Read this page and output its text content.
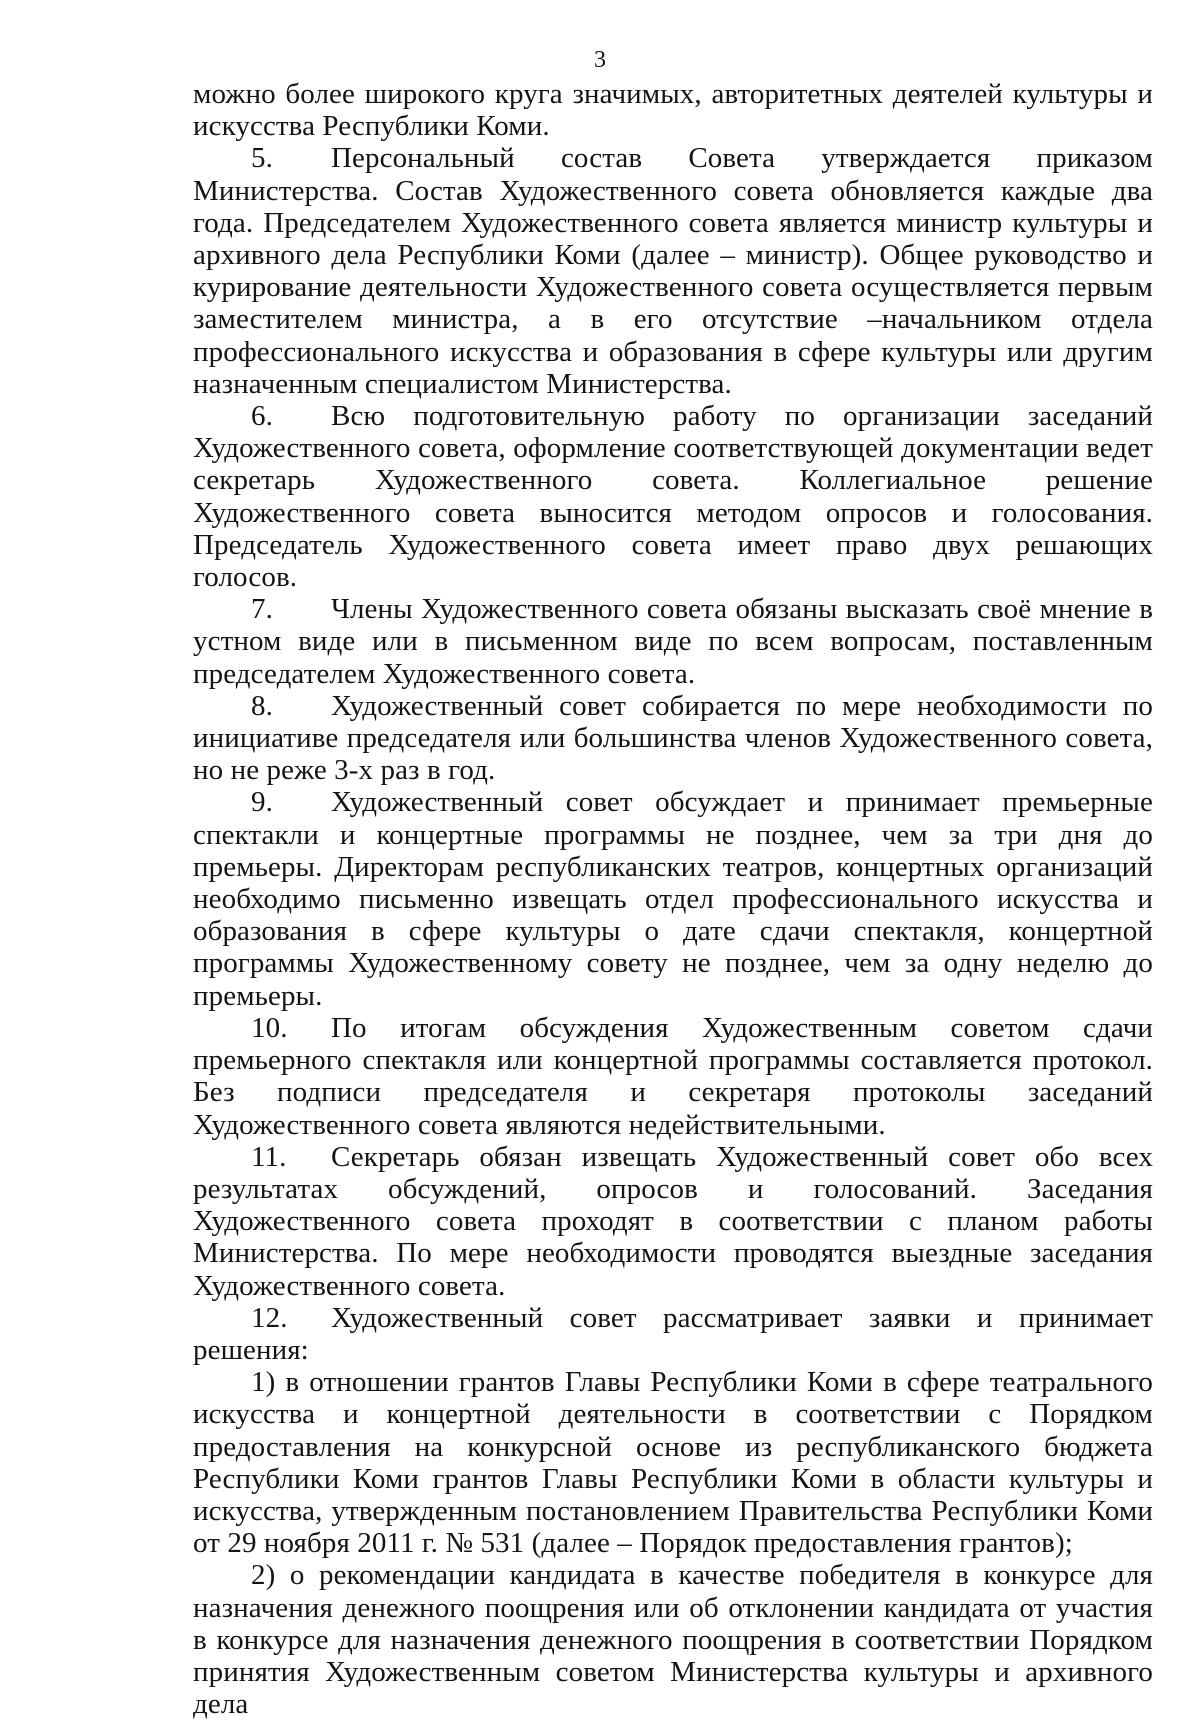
3

можно более широкого круга значимых, авторитетных деятелей культуры и искусства Республики Коми.

5. Персональный состав Совета утверждается приказом Министерства. Состав Художественного совета обновляется каждые два года. Председателем Художественного совета является министр культуры и архивного дела Республики Коми (далее – министр). Общее руководство и курирование деятельности Художественного совета осуществляется первым заместителем министра, а в его отсутствие –начальником отдела профессионального искусства и образования в сфере культуры или другим назначенным специалистом Министерства.

6. Всю подготовительную работу по организации заседаний Художественного совета, оформление соответствующей документации ведет секретарь Художественного совета. Коллегиальное решение Художественного совета выносится методом опросов и голосования. Председатель Художественного совета имеет право двух решающих голосов.

7. Члены Художественного совета обязаны высказать своё мнение в устном виде или в письменном виде по всем вопросам, поставленным председателем Художественного совета.

8. Художественный совет собирается по мере необходимости по инициативе председателя или большинства членов Художественного совета, но не реже 3-х раз в год.

9. Художественный совет обсуждает и принимает премьерные спектакли и концертные программы не позднее, чем за три дня до премьеры. Директорам республиканских театров, концертных организаций необходимо письменно извещать отдел профессионального искусства и образования в сфере культуры о дате сдачи спектакля, концертной программы Художественному совету не позднее, чем за одну неделю до премьеры.

10. По итогам обсуждения Художественным советом сдачи премьерного спектакля или концертной программы составляется протокол. Без подписи председателя и секретаря протоколы заседаний Художественного совета являются недействительными.

11. Секретарь обязан извещать Художественный совет обо всех результатах обсуждений, опросов и голосований. Заседания Художественного совета проходят в соответствии с планом работы Министерства. По мере необходимости проводятся выездные заседания Художественного совета.

12. Художественный совет рассматривает заявки и принимает решения:

1) в отношении грантов Главы Республики Коми в сфере театрального искусства и концертной деятельности в соответствии с Порядком предоставления на конкурсной основе из республиканского бюджета Республики Коми грантов Главы Республики Коми в области культуры и искусства, утвержденным постановлением Правительства Республики Коми от 29 ноября 2011 г. № 531 (далее – Порядок предоставления грантов);

2) о рекомендации кандидата в качестве победителя в конкурсе для назначения денежного поощрения или об отклонении кандидата от участия в конкурсе для назначения денежного поощрения в соответствии Порядком принятия Художественным советом Министерства культуры и архивного дела
